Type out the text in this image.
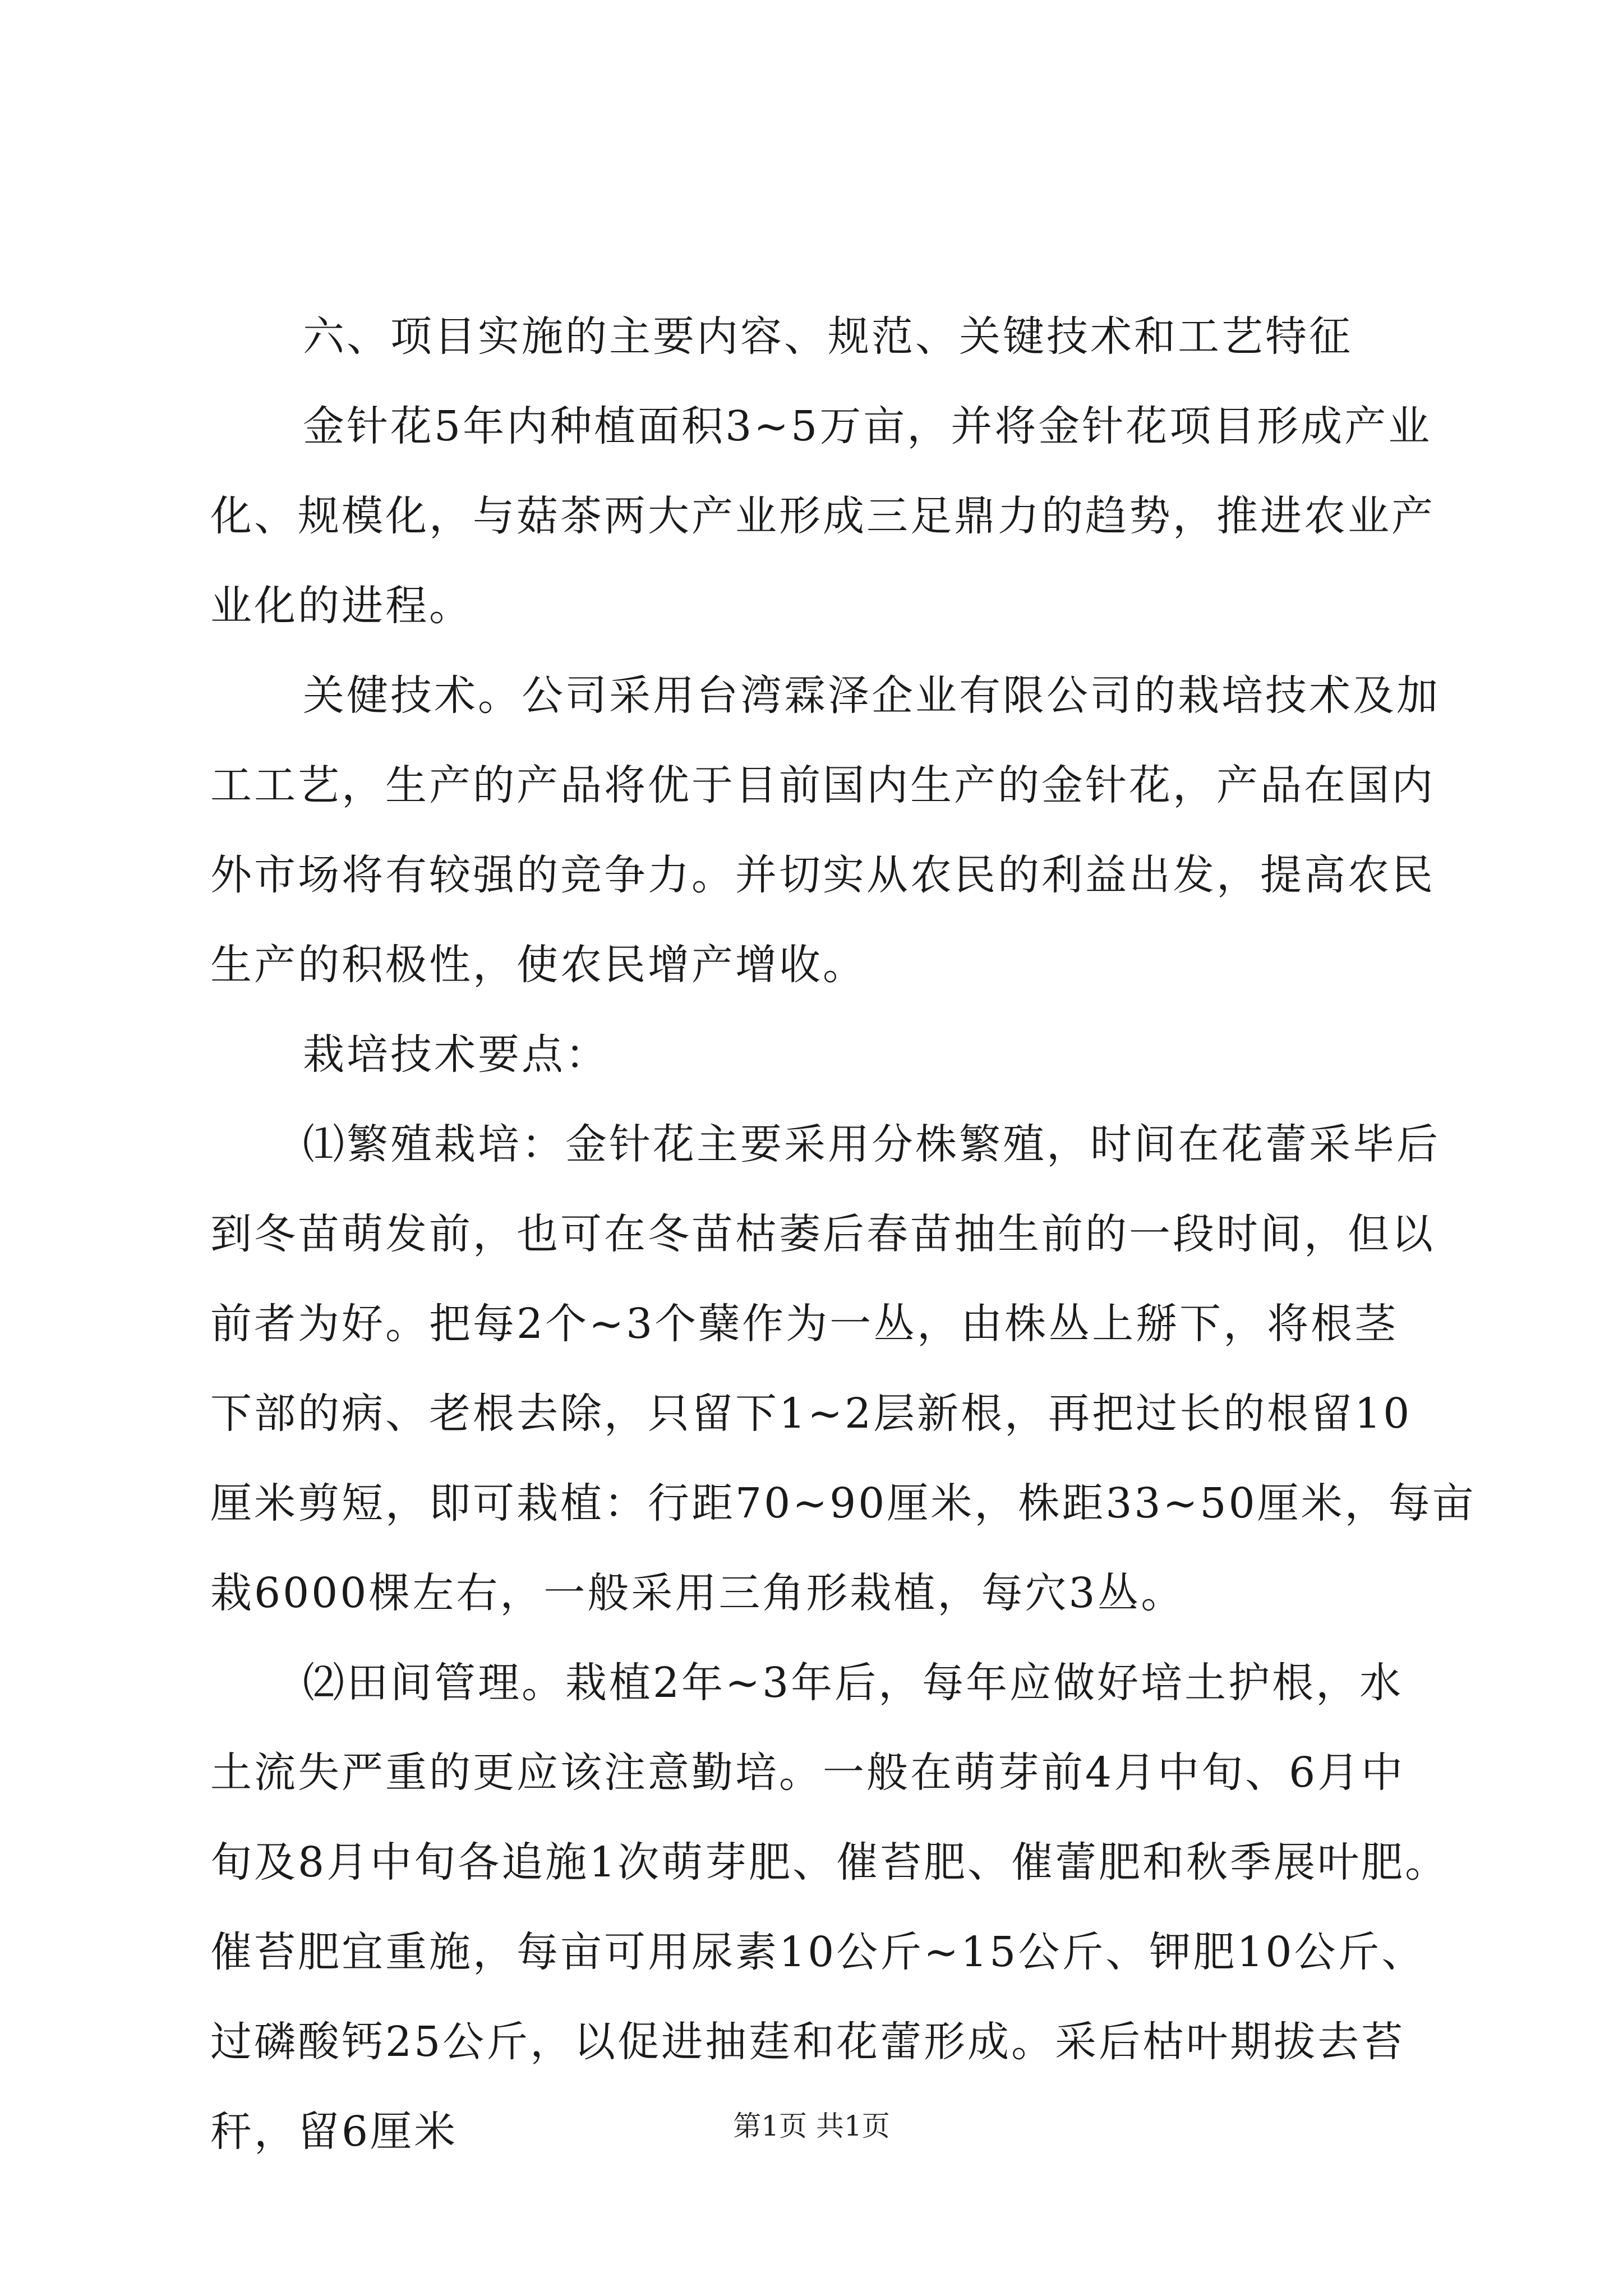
六、项目实施的主要内容、规范、关键技术和工艺特征
金针花5年内种植面积3~5万亩，并将金针花项目形成产业
化、规模化，与菇茶两大产业形成三足鼎力的趋势，推进农业产
业化的进程。
关健技术。公司采用台湾霖泽企业有限公司的栽培技术及加
工工艺，生产的产品将优于目前国内生产的金针花，产品在国内
外市场将有较强的竞争力。并切实从农民的利益出发，提高农民
生产的积极性，使农民增产增收。
栽培技术要点：
⑴繁殖栽培：金针花主要采用分株繁殖，时间在花蕾采毕后
到冬苗萌发前，也可在冬苗枯萎后春苗抽生前的一段时间，但以
前者为好。把每2个~3个蘖作为一丛，由株丛上掰下，将根茎
下部的病、老根去除，只留下1~2层新根，再把过长的根留10
厘米剪短，即可栽植：行距70~90厘米，株距33~50厘米，每亩
栽6000棵左右，一般采用三角形栽植，每穴3丛。
⑵田间管理。栽植2年~3年后，每年应做好培土护根，水
土流失严重的更应该注意勤培。一般在萌芽前4月中旬、6月中
旬及8月中旬各追施1次萌芽肥、催苔肥、催蕾肥和秋季展叶肥。
催苔肥宜重施，每亩可用尿素10公斤~15公斤、钾肥10公斤、
过磷酸钙25公斤，以促进抽莛和花蕾形成。采后枯叶期拔去苔
秆，留6厘米	第1页 共1页
